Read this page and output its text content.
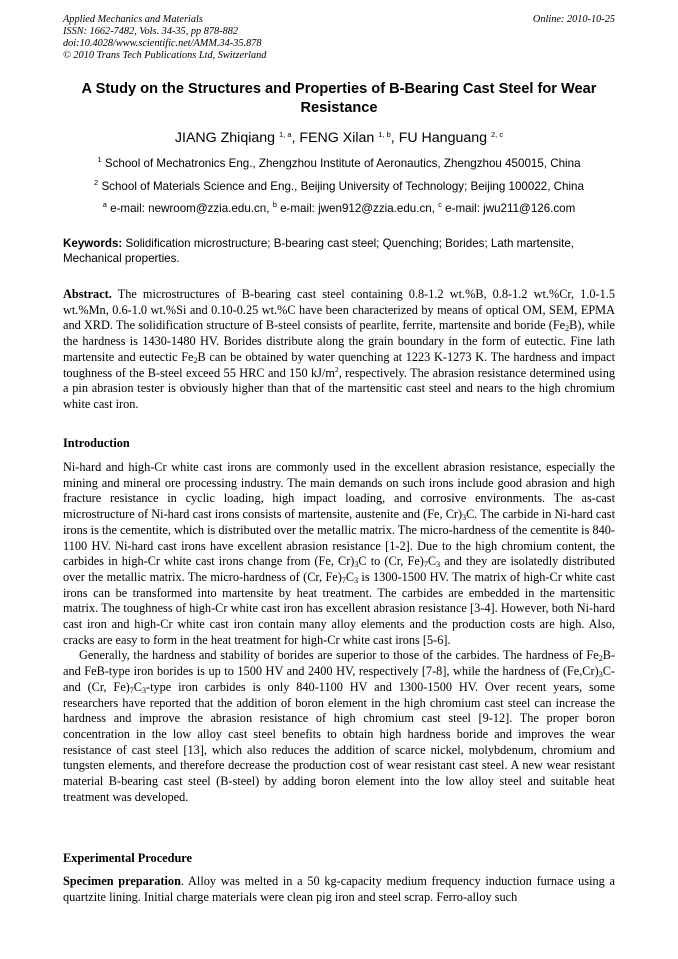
Applied Mechanics and Materials
ISSN: 1662-7482, Vols. 34-35, pp 878-882
doi:10.4028/www.scientific.net/AMM.34-35.878
© 2010 Trans Tech Publications Ltd, Switzerland
Online: 2010-10-25
A Study on the Structures and Properties of B-Bearing Cast Steel for Wear Resistance
JIANG Zhiqiang $^{1, a}$, FENG Xilan $^{1, b}$, FU Hanguang $^{2, c}$
$^1$ School of Mechatronics Eng., Zhengzhou Institute of Aeronautics, Zhengzhou 450015, China
$^2$ School of Materials Science and Eng., Beijing University of Technology; Beijing 100022, China
$^a$ e-mail: newroom@zzia.edu.cn, $^b$ e-mail: jwen912@zzia.edu.cn, $^c$ e-mail: jwu211@126.com
Keywords: Solidification microstructure; B-bearing cast steel; Quenching; Borides; Lath martensite, Mechanical properties.

Abstract. The microstructures of B-bearing cast steel containing 0.8-1.2 wt.%B, 0.8-1.2 wt.%Cr, 1.0-1.5 wt.%Mn, 0.6-1.0 wt.%Si and 0.10-0.25 wt.%C have been characterized by means of optical OM, SEM, EPMA and XRD. The solidification structure of B-steel consists of pearlite, ferrite, martensite and boride $(Fe_2B)$, while the hardness is 1430-1480 HV. Borides distribute along the grain boundary in the form of eutectic. Fine lath martensite and eutectic $Fe_2B$ can be obtained by water quenching at 1223 K-1273 K. The hardness and impact toughness of the B-steel exceed 55 HRC and 150 $kJ/m^2$, respectively. The abrasion resistance determined using a pin abrasion tester is obviously higher than that of the martensitic cast steel and nears to the high chromium white cast iron.

Introduction

Ni-hard and high-Cr white cast irons are commonly used in the excellent abrasion resistance, especially the mining and mineral ore processing industry. The main demands on such irons include good abrasion and high fracture resistance in cyclic loading, high impact loading, and corrosive environments. The as-cast microstructure of Ni-hard cast irons consists of martensite, austenite and (Fe, $Cr)_3C$. The carbide in Ni-hard cast irons is the cementite, which is distributed over the metallic matrix. The micro-hardness of the cementite is 840-1100 HV. Ni-hard cast irons have excellent abrasion resistance [1-2]. Due to the high chromium content, the carbides in high-Cr white cast irons change from (Fe, $Cr)_3C$ to (Cr, $Fe)_7C_3$ and they are isolatedly distributed over the metallic matrix. The micro-hardness of (Cr, $Fe)_7C_3$ is 1300-1500 HV. The matrix of high-Cr white cast irons can be transformed into martensite by heat treatment. The carbides are embedded in the martensitic matrix. The toughness of high-Cr white cast iron has excellent abrasion resistance [3-4]. However, both Ni-hard cast iron and high-Cr white cast iron contain many alloy elements and the production costs are high. Also, cracks are easy to form in the heat treatment for high-Cr white cast irons [5-6].

Generally, the hardness and stability of borides are superior to those of the carbides. The hardness of $Fe_2B-$ and FeB-type iron borides is up to 1500 HV and 2400 HV, respectively [7-8], while the hardness of $(Fe,Cr)_3C-$ and (Cr, $Fe)_7C_3$-type iron carbides is only 840-1100 HV and 1300-1500 HV. Over recent years, some researchers have reported that the addition of boron element in the high chromium cast steel can increase the hardness and improve the abrasion resistance of high chromium cast steel [9-12]. The proper boron concentration in the low alloy cast steel benefits to obtain high hardness boride and improves the wear resistance of cast steel [13], which also reduces the addition of scarce nickel, molybdenum, chromium and tungsten elements, and therefore decrease the production cost of wear resistant cast steel. A new wear resistant material B-bearing cast steel (B-steel) by adding boron element into the low alloy steel and suitable heat treatment was developed.

Experimental Procedure

Specimen preparation. Alloy was melted in a 50 kg-capacity medium frequency induction furnace using a quartzite lining. Initial charge materials were clean pig iron and steel scrap. Ferro-alloy such
